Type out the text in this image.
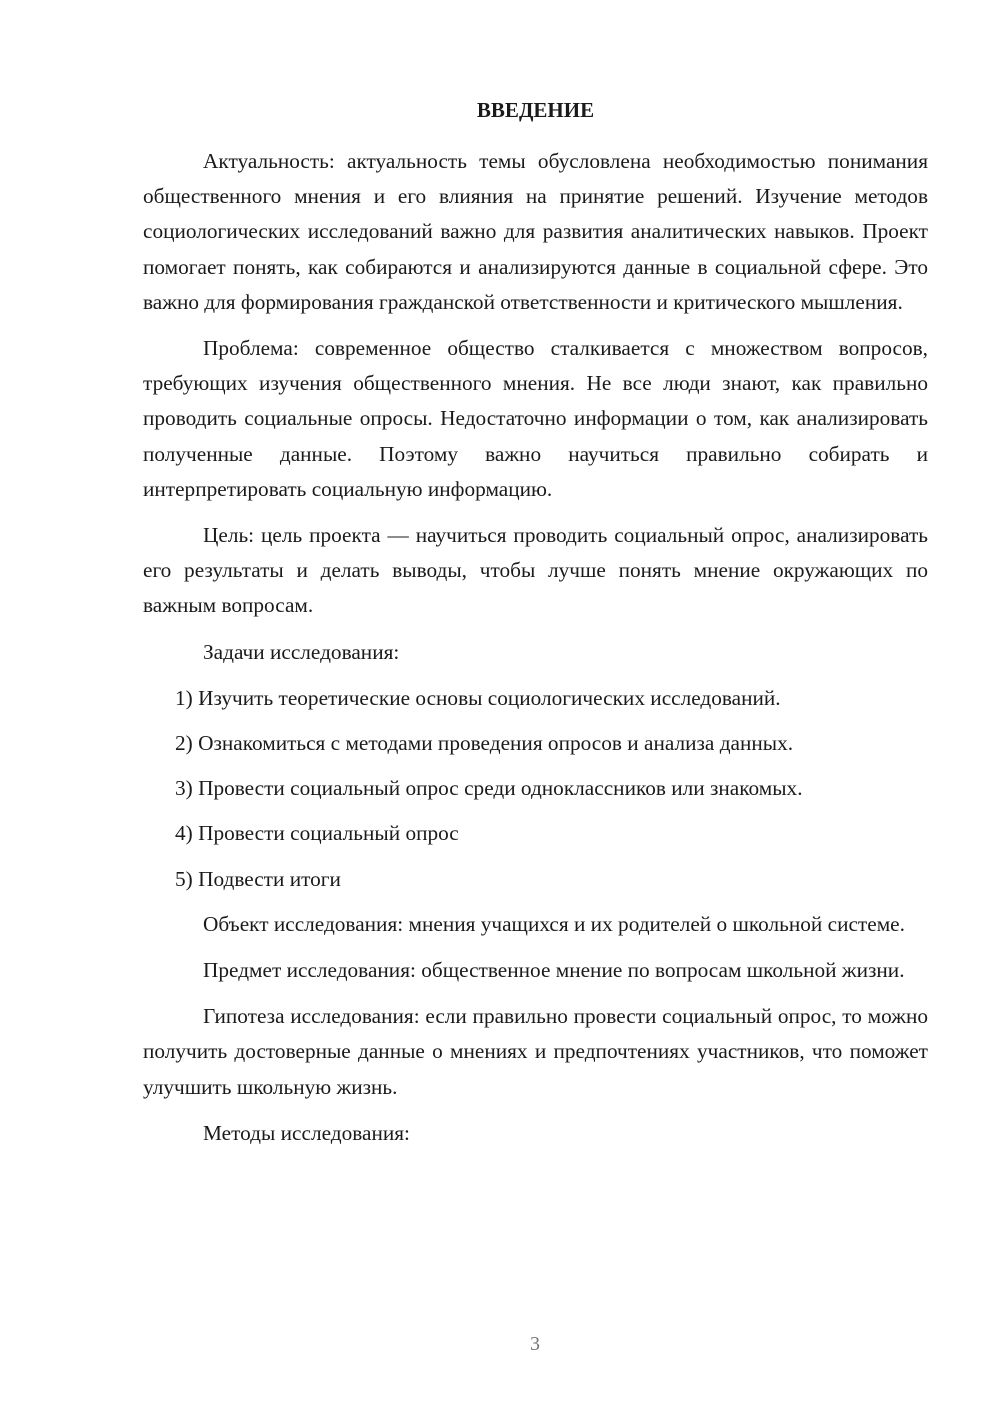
ВВЕДЕНИЕ

Актуальность: актуальность темы обусловлена необходимостью понимания общественного мнения и его влияния на принятие решений. Изучение методов социологических исследований важно для развития аналитических навыков. Проект помогает понять, как собираются и анализируются данные в социальной сфере. Это важно для формирования гражданской ответственности и критического мышления.

Проблема: современное общество сталкивается с множеством вопросов, требующих изучения общественного мнения. Не все люди знают, как правильно проводить социальные опросы. Недостаточно информации о том, как анализировать полученные данные. Поэтому важно научиться правильно собирать и интерпретировать социальную информацию.

Цель: цель проекта — научиться проводить социальный опрос, анализировать его результаты и делать выводы, чтобы лучше понять мнение окружающих по важным вопросам.

Задачи исследования:

1) Изучить теоретические основы социологических исследований.
2) Ознакомиться с методами проведения опросов и анализа данных.
3) Провести социальный опрос среди одноклассников или знакомых.
4) Провести социальный опрос
5) Подвести итоги

Объект исследования: мнения учащихся и их родителей о школьной системе.

Предмет исследования: общественное мнение по вопросам школьной жизни.

Гипотеза исследования: если правильно провести социальный опрос, то можно получить достоверные данные о мнениях и предпочтениях участников, что поможет улучшить школьную жизнь.

Методы исследования:

3
